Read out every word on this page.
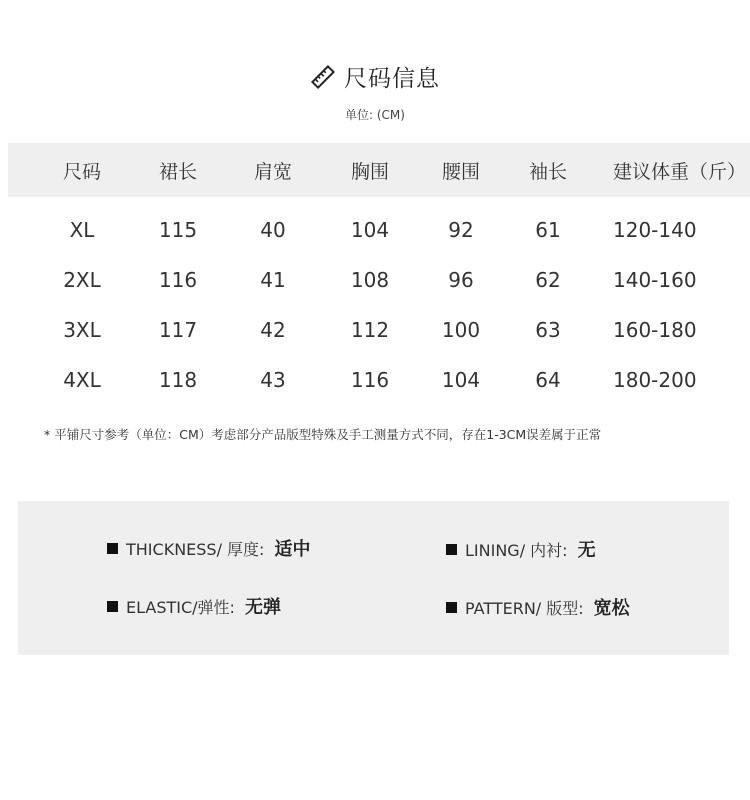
尺码信息
单位: (CM)
尺码	裙长	肩宽	胸围	腰围	袖长	建议体重（斤）
XL	115	40	104	92	61	120-140
2XL	116	41	108	96	62	140-160
3XL	117	42	112	100	63	160-180
4XL	118	43	116	104	64	180-200
* 平铺尺寸参考（单位：CM）考虑部分产品版型特殊及手工测量方式不同，存在1-3CM误差属于正常
THICKNESS/ 厚度: 适中	LINING/ 内衬: 无
ELASTIC/弹性: 无弹	PATTERN/ 版型: 宽松
